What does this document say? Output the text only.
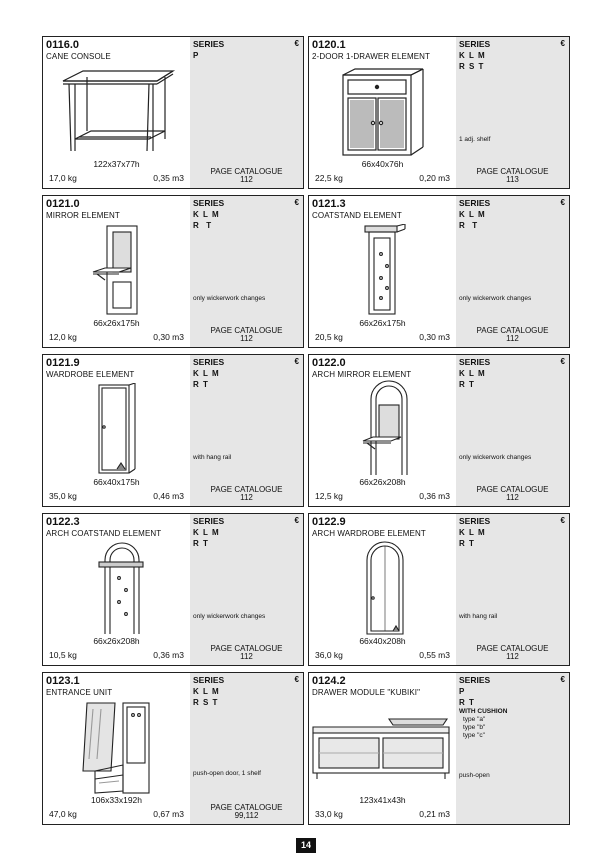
0116.0
CANE CONSOLE
122x37x77h
17,0 kg	0,35 m3
SERIES	€
P
PAGE CATALOGUE
112
0120.1
2-DOOR 1-DRAWER ELEMENT
66x40x76h
22,5 kg	0,20 m3
SERIES	€
K L M
R S T
1 adj. shelf
PAGE CATALOGUE
113
0121.0
MIRROR ELEMENT
66x26x175h
12,0 kg	0,30 m3
SERIES	€
K L M
R  T
only wickerwork changes
PAGE CATALOGUE
112
0121.3
COATSTAND ELEMENT
66x26x175h
20,5 kg	0,30 m3
SERIES	€
K L M
R  T
only wickerwork changes
PAGE CATALOGUE
112
0121.9
WARDROBE ELEMENT
66x40x175h
35,0 kg	0,46 m3
SERIES	€
K L M
R T
with hang rail
PAGE CATALOGUE
112
0122.0
ARCH MIRROR ELEMENT
66x26x208h
12,5 kg	0,36 m3
SERIES	€
K L M
R T
only wickerwork changes
PAGE CATALOGUE
112
0122.3
ARCH COATSTAND ELEMENT
66x26x208h
10,5 kg	0,36 m3
SERIES	€
K L M
R T
only wickerwork changes
PAGE CATALOGUE
112
0122.9
ARCH WARDROBE ELEMENT
66x40x208h
36,0 kg	0,55 m3
SERIES	€
K L M
R T
with hang rail
PAGE CATALOGUE
112
0123.1
ENTRANCE UNIT
106x33x192h
47,0 kg	0,67 m3
SERIES	€
K L M
R S T
push-open door, 1 shelf
PAGE CATALOGUE
99,112
0124.2
DRAWER MODULE "KUBIKI"
123x41x43h
33,0 kg	0,21 m3
SERIES	€
P
R T
WITH CUSHION
type "a"
type "b"
type "c"
push-open
14
